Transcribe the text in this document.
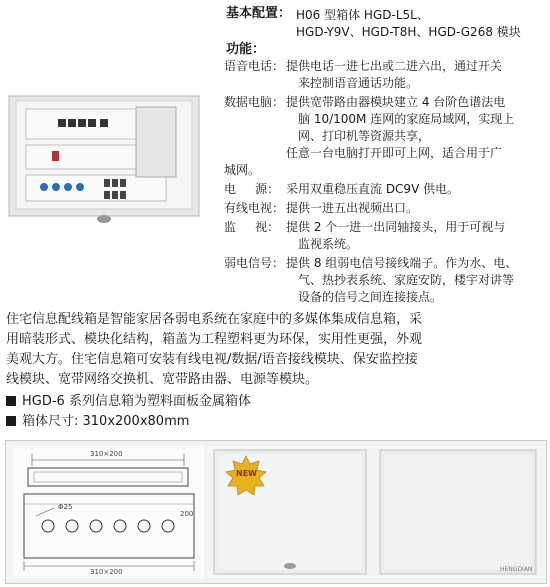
基本配置： H06 型箱体 HGD-L5L、
HGD-Y9V、HGD-T8H、HGD-G268 模块
功能：
语音电话： 提供电话一进七出或二进六出，通过开关
来控制语音通话功能。
数据电脑： 提供宽带路由器模块建立 4 台阶色谱法电
脑 10/100M 连网的家庭局域网，实现上
网、打印机等资源共享，
任意一台电脑打开即可上网，适合用于广
城网。
电     源： 采用双重稳压直流 DC9V 供电。
有线电视： 提供一进五出视频出口。
监     视： 提供 2 个一进一出同轴接头，用于可视与
监视系统。
弱电信号： 提供 8 组弱电信号接线端子。作为水、电、
气、热抄表系统、家庭安防，楼宇对讲等
设备的信号之间连接接点。
住宅信息配线箱是智能家居各弱电系统在家庭中的多媒体集成信息箱，采
用暗装形式、模块化结构，箱盖为工程塑料更为环保，实用性更强，外观
美观大方。住宅信息箱可安装有线电视/数据/语音接线模块、保安监控接
线模块、宽带网络交换机、宽带路由器、电源等模块。
HGD-6 系列信息箱为塑料面板金属箱体
箱体尺寸: 310x200x80mm
310×200
Φ25
310×200
200
NEW
HENGDIAN
